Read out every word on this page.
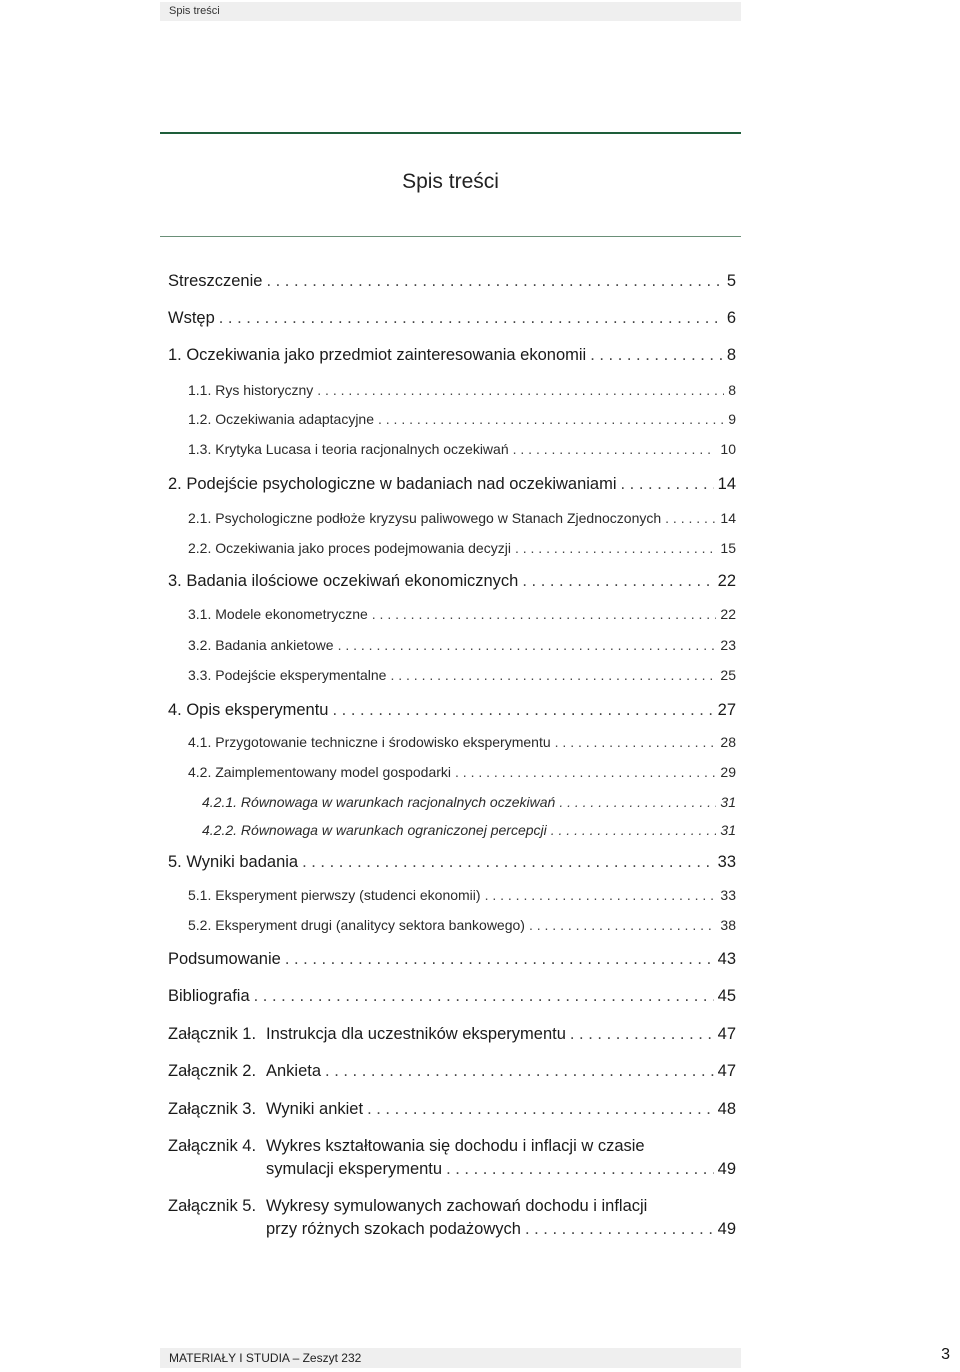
Spis treści
Spis treści
Streszczenie . . .	5
Wstęp . . .	6
1. Oczekiwania jako przedmiot zainteresowania ekonomii . . .	8
1.1. Rys historyczny . . .	8
1.2. Oczekiwania adaptacyjne . . .	9
1.3. Krytyka Lucasa i teoria racjonalnych oczekiwań . . .	10
2. Podejście psychologiczne w badaniach nad oczekiwaniami . . .	14
2.1. Psychologiczne podłoże kryzysu paliwowego w Stanach Zjednoczonych . . .	14
2.2. Oczekiwania jako proces podejmowania decyzji . . .	15
3. Badania ilościowe oczekiwań ekonomicznych . . .	22
3.1. Modele ekonometryczne . . .	22
3.2. Badania ankietowe . . .	23
3.3. Podejście eksperymentalne . . .	25
4. Opis eksperymentu . . .	27
4.1. Przygotowanie techniczne i środowisko eksperymentu . . .	28
4.2. Zaimplementowany model gospodarki . . .	29
4.2.1. Równowaga w warunkach racjonalnych oczekiwań . . .	31
4.2.2. Równowaga w warunkach ograniczonej percepcji . . .	31
5. Wyniki badania . . .	33
5.1. Eksperyment pierwszy (studenci ekonomii) . . .	33
5.2. Eksperyment drugi (analitycy sektora bankowego) . . .	38
Podsumowanie . . .	43
Bibliografia . . .	45
Załącznik 1. Instrukcja dla uczestników eksperymentu . . .	47
Załącznik 2. Ankieta . . .	47
Załącznik 3. Wyniki ankiet . . .	48
Załącznik 4. Wykres kształtowania się dochodu i inflacji w czasie
symulacji eksperymentu . . .	49
Załącznik 5. Wykresy symulowanych zachowań dochodu i inflacji
przy różnych szokach podażowych . . .	49
MATERIAŁY I STUDIA – Zeszyt 232	3
